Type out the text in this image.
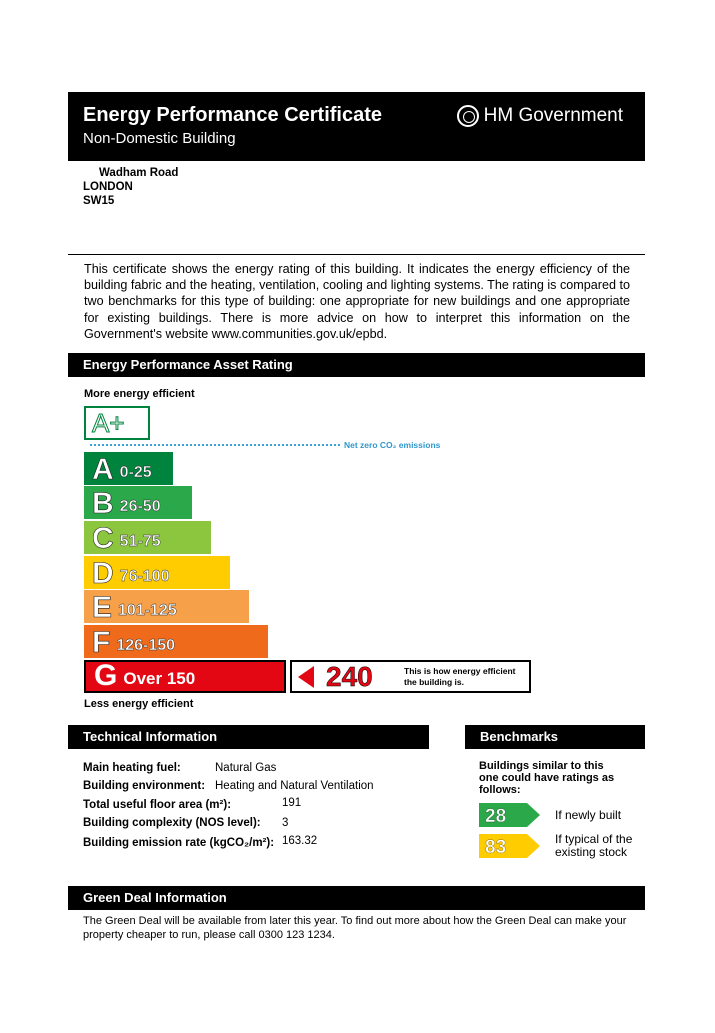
Energy Performance Certificate
Non-Domestic Building
HM Government
Wadham Road
LONDON
SW15
This certificate shows the energy rating of this building. It indicates the energy efficiency of the building fabric and the heating, ventilation, cooling and lighting systems. The rating is compared to two benchmarks for this type of building: one appropriate for new buildings and one appropriate for existing buildings. There is more advice on how to interpret this information on the Government's website www.communities.gov.uk/epbd.
Energy Performance Asset Rating
More energy efficient
A+
Net zero CO₂ emissions
A 0-25
B 26-50
C 51-75
D 76-100
E 101-125
F 126-150
G Over 150	240	This is how energy efficient
the building is.
Less energy efficient
Technical Information
Main heating fuel:	Natural Gas
Building environment: Heating and Natural Ventilation
Total useful floor area (m²):	191
Building complexity (NOS level): 3
Building emission rate (kgCO₂/m²): 163.32
Benchmarks
Buildings similar to this one could have ratings as follows:
28	If newly built
83	If typical of the existing stock
Green Deal Information
The Green Deal will be available from later this year. To find out more about how the Green Deal can make your property cheaper to run, please call 0300 123 1234.
